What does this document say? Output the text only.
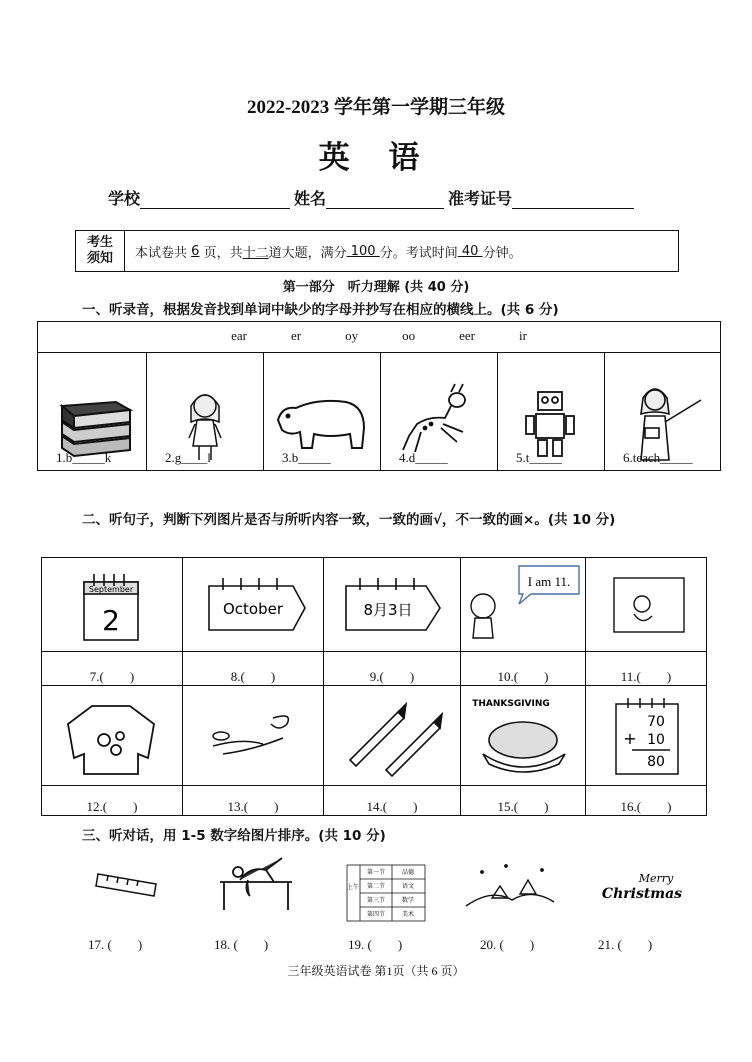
2022-2023 学年第一学期三年级
英 语
学校	姓名	准考证号
考生
须知 本试卷共
6
页，共 十二 道大题，满分 100 分。考试时间 40 分钟。
第一部分　听力理解 (共 40 分)
一、听录音，根据发音找到单词中缺少的字母并抄写在相应的横线上。(共 6 分)
ear	er	oy	oo	eer	ir

1.b_____k	2.g____l	3.b_____	4.d_____	5.t_____	6.teach_____
二、听句子，判断下列图片是否与所听内容一致，一致的画√，不一致的画×。(共 10 分)
September
2	October	8月3日	I am 11.

7.(　　)	8.(　　)	9.(　　)	10.(　　)	11.(　　)

THANKSGIVING	70
+ 10
80

12.(　　)	13.(　　)	14.(　　)	15.(　　)	16.(　　)
三、听对话，用 1-5 数字给图片排序。(共 10 分)
上午
第一节	品德
第二节	语文
第三节	数学
第四节	美术
Merry
Christmas
17. (　　)	18. (　　)	19. (　　)	20. (　　)	21. (　　)
三年级英语试卷 第1页（共 6 页）
